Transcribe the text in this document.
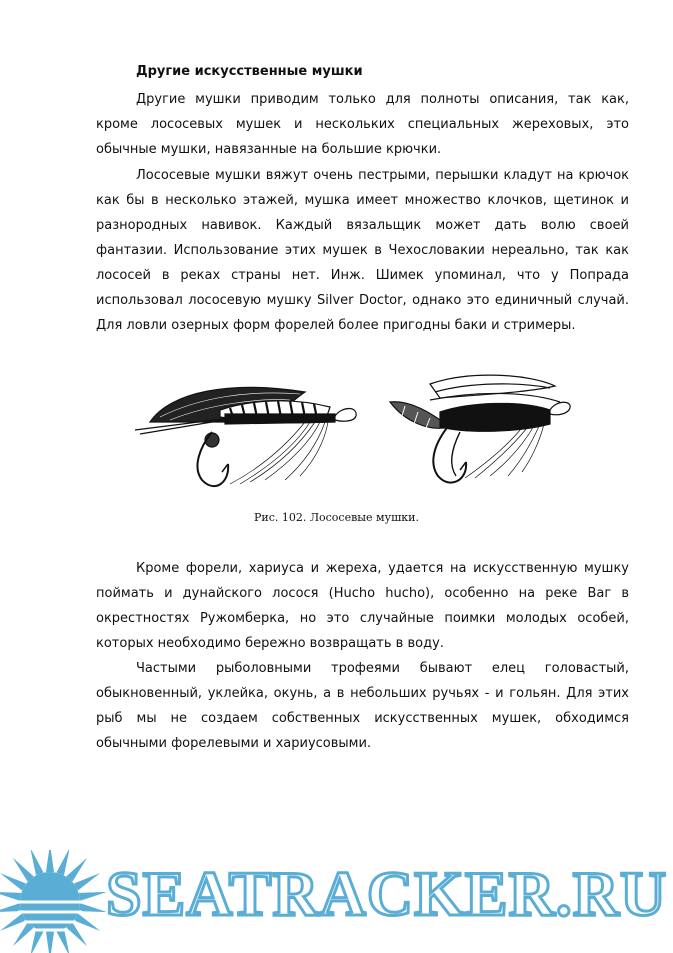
Другие искусственные мушки

Другие мушки приводим только для полноты описания, так как, кроме лососевых мушек и нескольких специальных жереховых, это обычные мушки, навязанные на большие крючки.

Лососевые мушки вяжут очень пестрыми, перышки кладут на крючок как бы в несколько этажей, мушка имеет множество клочков, щетинок и разнородных навивок. Каждый вязальщик может дать волю своей фантазии. Использование этих мушек в Чехословакии нереально, так как лососей в реках страны нет. Инж. Шимек упоминал, что у Попрада использовал лососевую мушку Silver Doctor, однако это единичный случай. Для ловли озерных форм форелей более пригодны баки и стримеры.

Рис. 102. Лососевые мушки.

Кроме форели, хариуса и жереха, удается на искусственную мушку поймать и дунайского лосося (Hucho hucho), особенно на реке Ваг в окрестностях Ружомберка, но это случайные поимки молодых особей, которых необходимо бережно возвращать в воду.

Частыми рыболовными трофеями бывают елец головастый, обыкновенный, уклейка, окунь, а в небольших ручьях - и гольян. Для этих рыб мы не создаем собственных искусственных мушек, обходимся обычными форелевыми и хариусовыми.

SEATRACKER.RU
